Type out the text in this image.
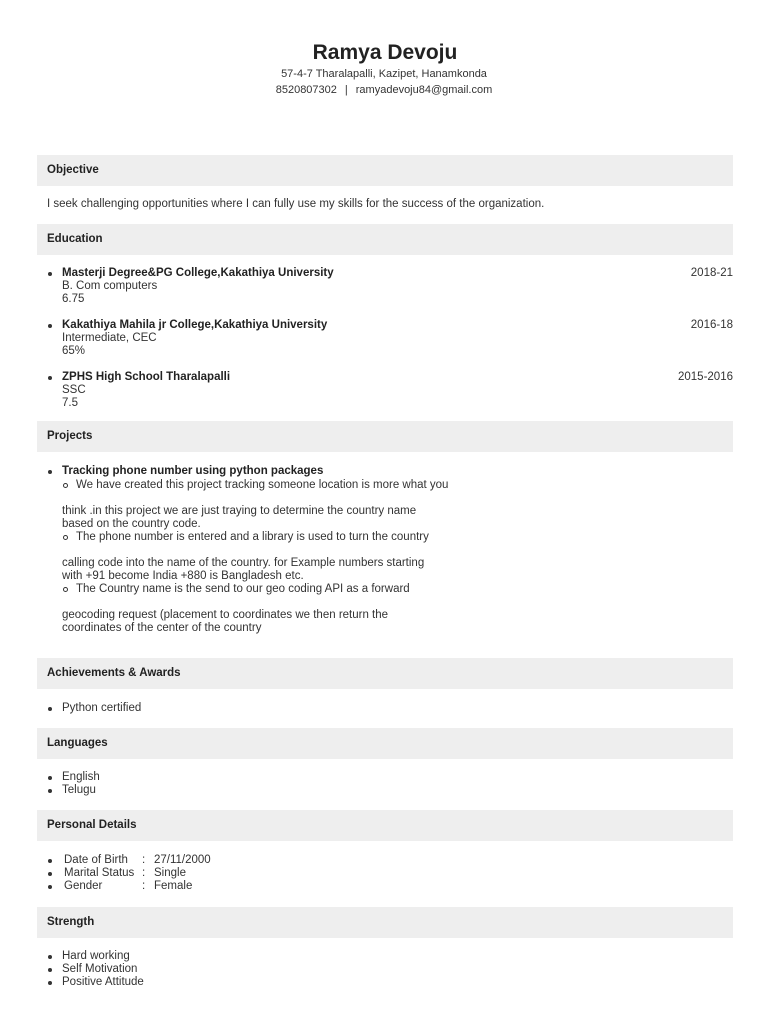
Ramya Devoju
57-4-7 Tharalapalli, Kazipet, Hanamkonda
8520807302 | ramyadevoju84@gmail.com
Objective
I seek challenging opportunities where I can fully use my skills for the success of the organization.
Education
Masterji Degree&PG College,Kakathiya University	2018-21
B. Com computers
6.75
Kakathiya Mahila jr College,Kakathiya University	2016-18
Intermediate, CEC
65%
ZPHS High School Tharalapalli	2015-2016
SSC
7.5
Projects
Tracking phone number using python packages
We have created this project tracking someone location is more what you
think .in this project we are just traying to determine the country name
based on the country code.
The phone number is entered and a library is used to turn the country
calling code into the name of the country. for Example numbers starting
with +91 become India +880 is Bangladesh etc.
The Country name is the send to our geo coding API as a forward
geocoding request (placement to coordinates we then return the
coordinates of the center of the country
Achievements & Awards
Python certified
Languages
English
Telugu
Personal Details
Date of Birth : 27/11/2000
Marital Status : Single
Gender	: Female
Strength
Hard working
Self Motivation
Positive Attitude
